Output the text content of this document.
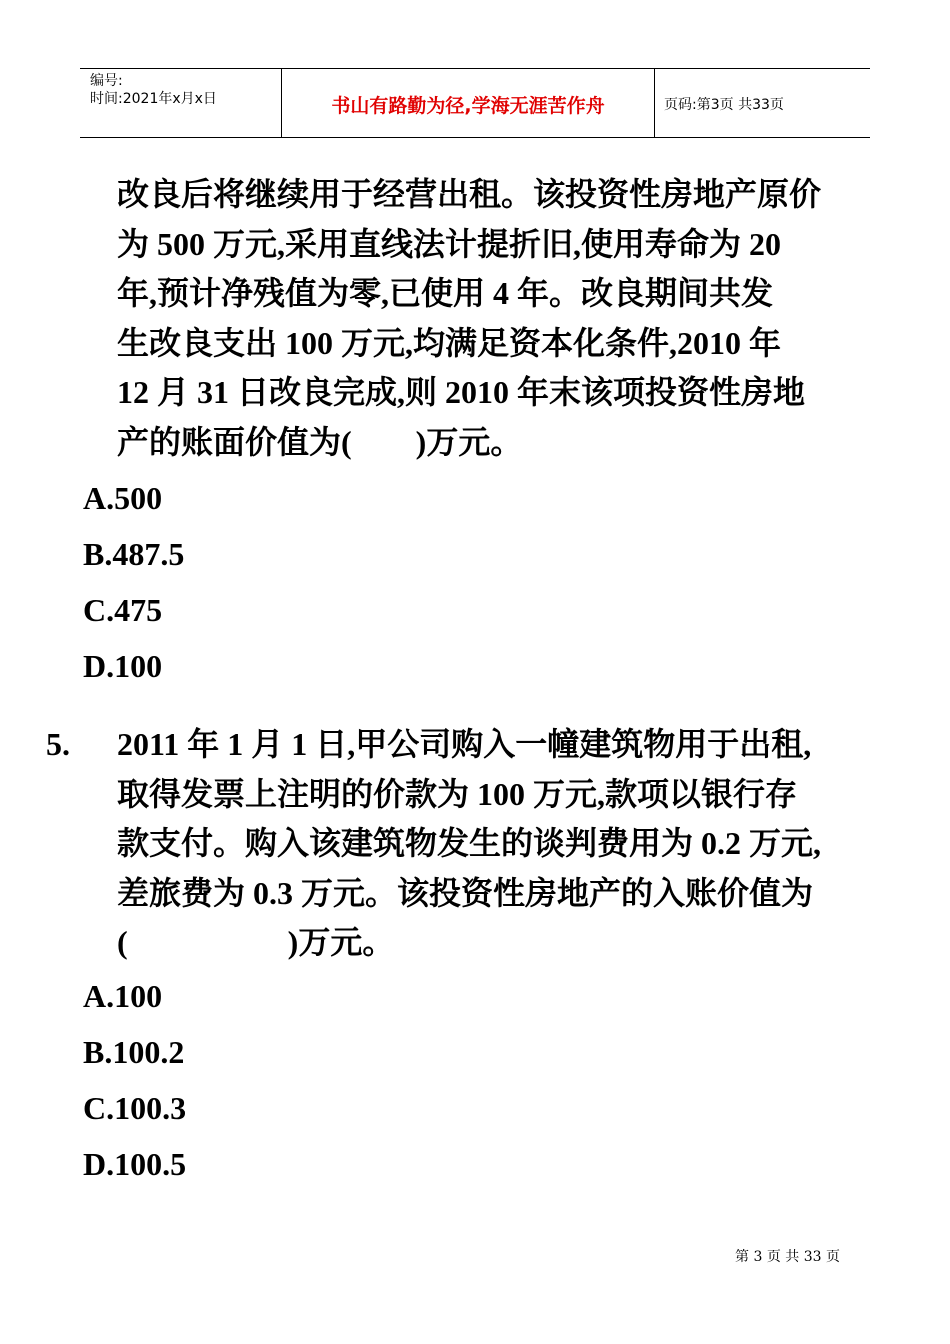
编号:
时间:2021年x月x日	书山有路勤为径,学海无涯苦作舟	页码:第3页 共33页
改良后将继续用于经营出租。该投资性房地产原价
为 500 万元,采用直线法计提折旧,使用寿命为 20
年,预计净残值为零,已使用 4 年。改良期间共发
生改良支出 100 万元,均满足资本化条件,2010 年
12 月 31 日改良完成,则 2010 年末该项投资性房地
产的账面价值为(　　)万元。
A.500
B.487.5
C.475
D.100
5. 2011 年 1 月 1 日,甲公司购入一幢建筑物用于出租,
取得发票上注明的价款为 100 万元,款项以银行存
款支付。购入该建筑物发生的谈判费用为 0.2 万元,
差旅费为 0.3 万元。该投资性房地产的入账价值为
(　　　　　)万元。
A.100
B.100.2
C.100.3
D.100.5
第 3 页 共 33 页
